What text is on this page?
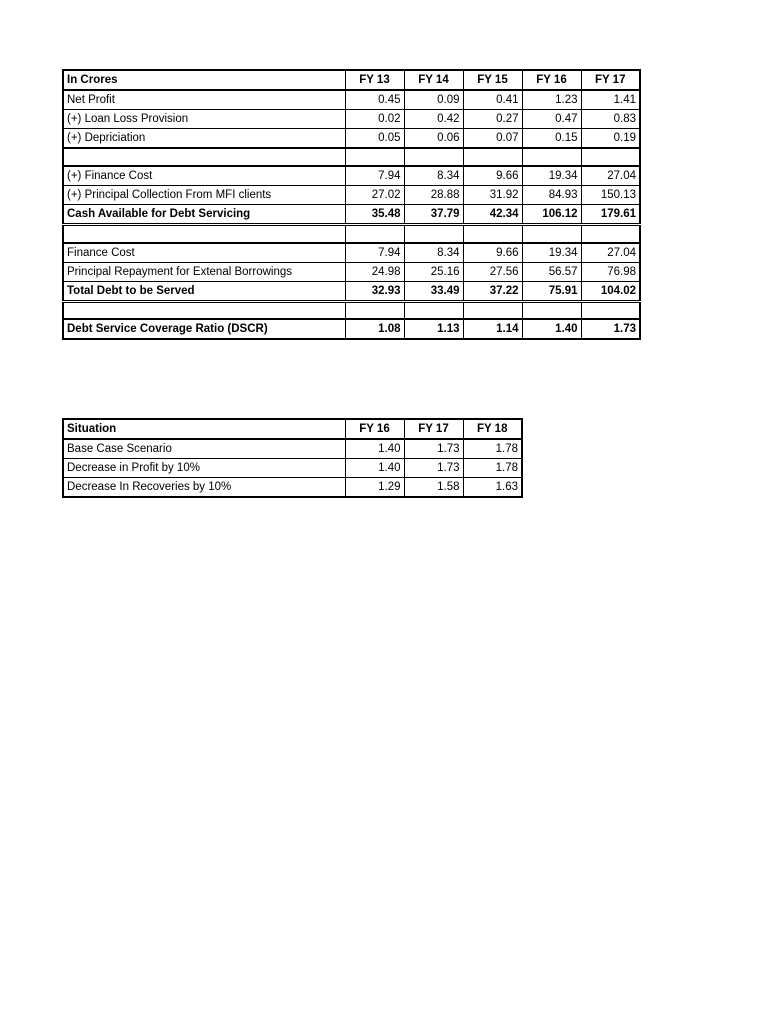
In Crores	FY 13	FY 14	FY 15	FY 16	FY 17
Net Profit	0.45	0.09	0.41	1.23	1.41
(+) Loan Loss Provision	0.02	0.42	0.27	0.47	0.83
(+) Depriciation	0.05	0.06	0.07	0.15	0.19

(+) Finance Cost	7.94	8.34	9.66	19.34	27.04
(+) Principal Collection From MFI clients	27.02	28.88	31.92	84.93	150.13
Cash Available for Debt Servicing	35.48	37.79	42.34	106.12	179.61

Finance Cost	7.94	8.34	9.66	19.34	27.04
Principal Repayment for Extenal Borrowings	24.98	25.16	27.56	56.57	76.98
Total Debt to be Served	32.93	33.49	37.22	75.91	104.02

Debt Service Coverage Ratio (DSCR)	1.08	1.13	1.14	1.40	1.73
Situation	FY 16	FY 17	FY 18
Base Case Scenario	1.40	1.73	1.78
Decrease in Profit by 10%	1.40	1.73	1.78
Decrease In Recoveries by 10%	1.29	1.58	1.63
